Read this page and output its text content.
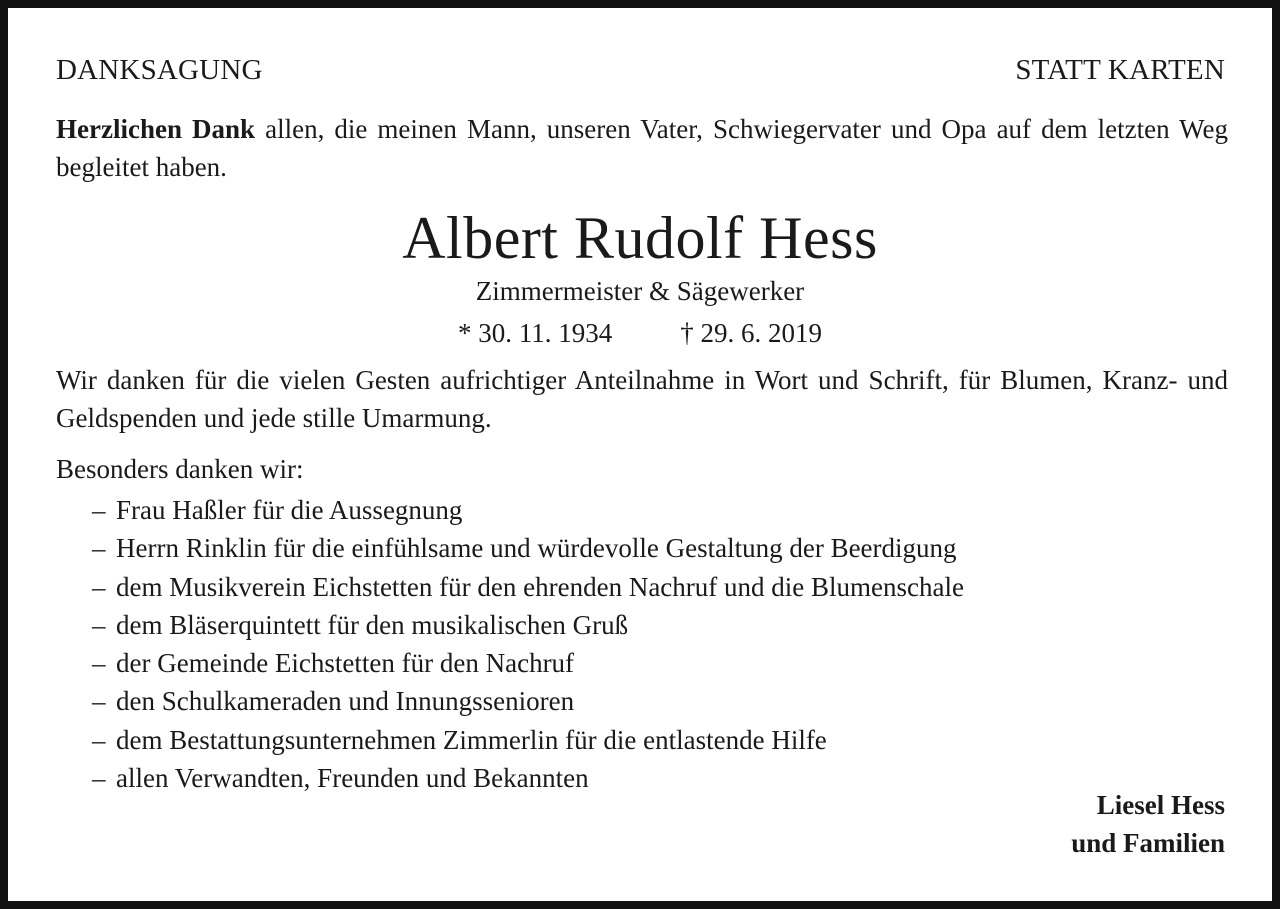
DANKSAGUNG	STATT KARTEN
Herzlichen Dank allen, die meinen Mann, unseren Vater, Schwiegervater und Opa auf dem letzten Weg begleitet haben.
Albert Rudolf Hess
Zimmermeister & Sägewerker
* 30. 11. 1934	† 29. 6. 2019
Wir danken für die vielen Gesten aufrichtiger Anteilnahme in Wort und Schrift, für Blumen, Kranz- und Geldspenden und jede stille Umarmung.
Besonders danken wir:
– Frau Haßler für die Aussegnung
– Herrn Rinklin für die einfühlsame und würdevolle Gestaltung der Beerdigung
– dem Musikverein Eichstetten für den ehrenden Nachruf und die Blumenschale
– dem Bläserquintett für den musikalischen Gruß
– der Gemeinde Eichstetten für den Nachruf
– den Schulkameraden und Innungssenioren
– dem Bestattungsunternehmen Zimmerlin für die entlastende Hilfe
– allen Verwandten, Freunden und Bekannten
Liesel Hess
und Familien
